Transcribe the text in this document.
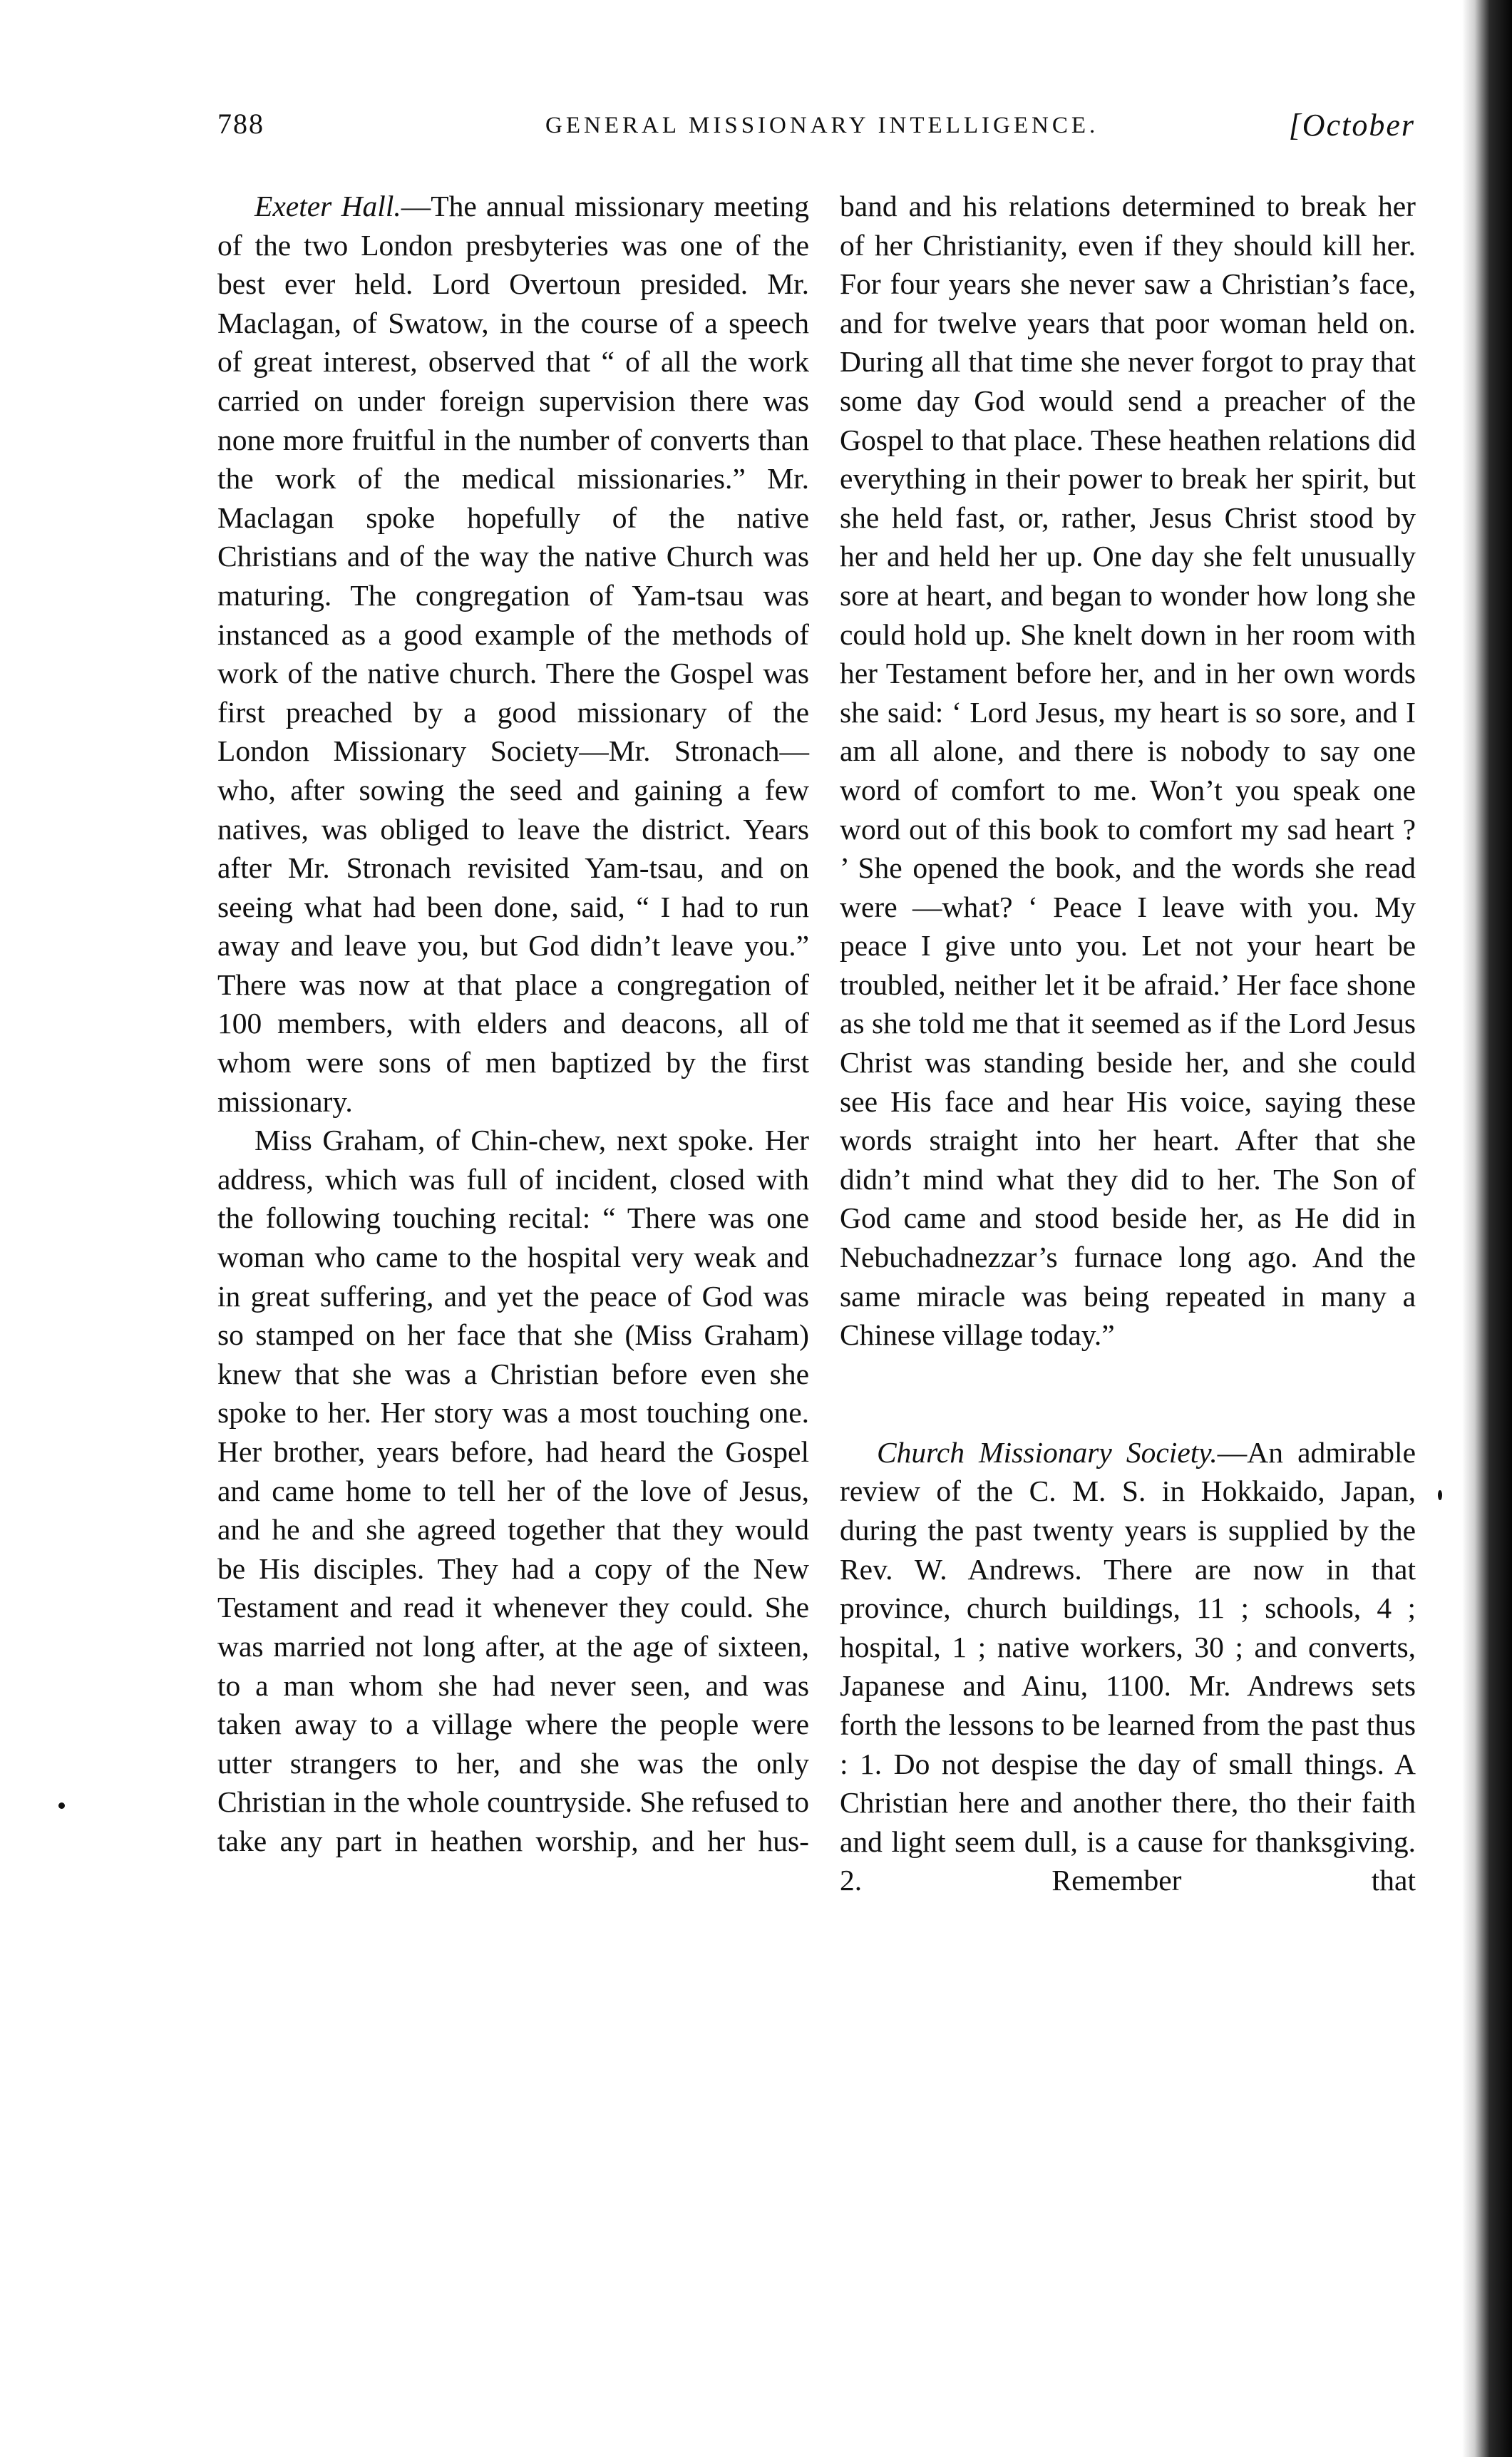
788	GENERAL MISSIONARY INTELLIGENCE.	[October

Exeter Hall.—The annual missionary meeting of the two London presbyteries was one of the best ever held. Lord Overtoun presided. Mr. Maclagan, of Swatow, in the course of a speech of great interest, observed that “ of all the work carried on under foreign supervision there was none more fruitful in the number of converts than the work of the medical missionaries.” Mr. Maclagan spoke hopefully of the native Christians and of the way the native Church was maturing. The congregation of Yam-tsau was instanced as a good example of the methods of work of the native church. There the Gospel was first preached by a good missionary of the London Missionary Society—Mr. Stronach—who, after sowing the seed and gaining a few natives, was obliged to leave the district. Years after Mr. Stronach revisited Yam-tsau, and on seeing what had been done, said, “ I had to run away and leave you, but God didn’t leave you.” There was now at that place a congregation of 100 members, with elders and deacons, all of whom were sons of men baptized by the first missionary.

Miss Graham, of Chin-chew, next spoke. Her address, which was full of incident, closed with the following touching recital: “ There was one woman who came to the hospital very weak and in great suffering, and yet the peace of God was so stamped on her face that she (Miss Graham) knew that she was a Christian before even she spoke to her. Her story was a most touching one. Her brother, years before, had heard the Gospel and came home to tell her of the love of Jesus, and he and she agreed together that they would be His disciples. They had a copy of the New Testament and read it whenever they could. She was married not long after, at the age of sixteen, to a man whom she had never seen, and was taken away to a village where the people were utter strangers to her, and she was the only Christian in the whole countryside. She refused to take any part in heathen worship, and her hus-

band and his relations determined to break her of her Christianity, even if they should kill her. For four years she never saw a Christian’s face, and for twelve years that poor woman held on. During all that time she never forgot to pray that some day God would send a preacher of the Gospel to that place. These heathen relations did everything in their power to break her spirit, but she held fast, or, rather, Jesus Christ stood by her and held her up. One day she felt unusually sore at heart, and began to wonder how long she could hold up. She knelt down in her room with her Testament before her, and in her own words she said: ‘ Lord Jesus, my heart is so sore, and I am all alone, and there is nobody to say one word of comfort to me. Won’t you speak one word out of this book to comfort my sad heart ? ’ She opened the book, and the words she read were —what? ‘ Peace I leave with you. My peace I give unto you. Let not your heart be troubled, neither let it be afraid.’ Her face shone as she told me that it seemed as if the Lord Jesus Christ was standing beside her, and she could see His face and hear His voice, saying these words straight into her heart. After that she didn’t mind what they did to her. The Son of God came and stood beside her, as He did in Nebuchadnezzar’s furnace long ago. And the same miracle was being repeated in many a Chinese village today.”

Church Missionary Society.—An admirable review of the C. M. S. in Hokkaido, Japan, during the past twenty years is supplied by the Rev. W. Andrews. There are now in that province, church buildings, 11 ; schools, 4 ; hospital, 1 ; native workers, 30 ; and converts, Japanese and Ainu, 1100. Mr. Andrews sets forth the lessons to be learned from the past thus : 1. Do not despise the day of small things. A Christian here and another there, tho their faith and light seem dull, is a cause for thanksgiving. 2. Remember that
